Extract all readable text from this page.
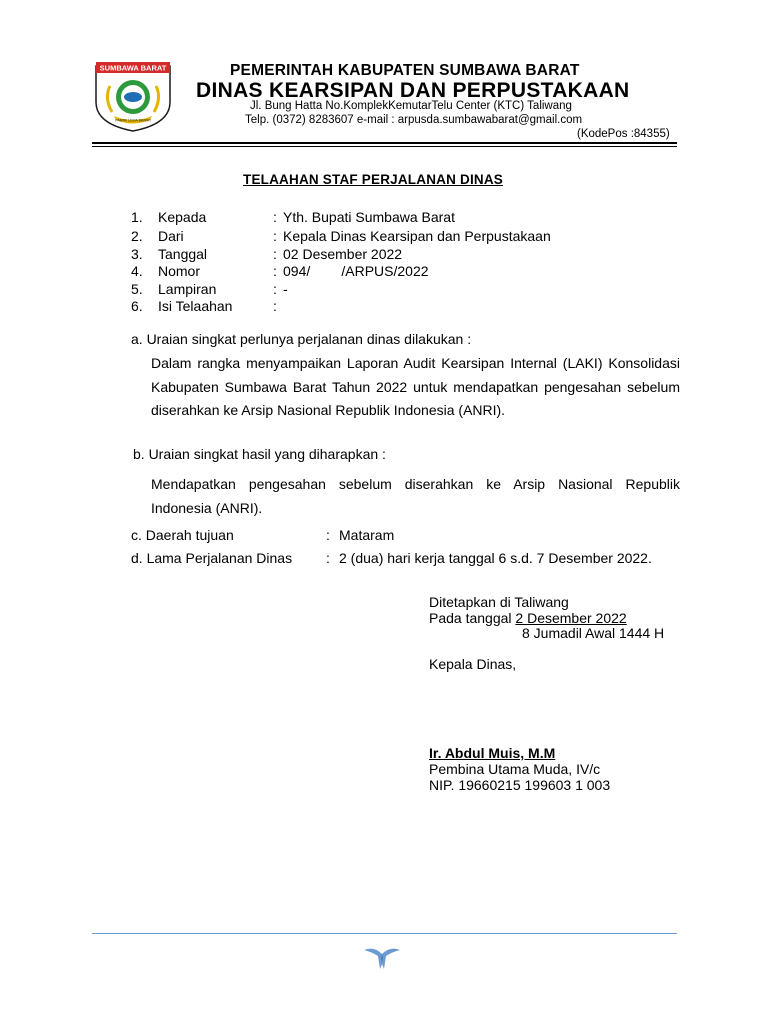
SUMBAWA BARAT
PARIRI LEMA BARIRI
PEMERINTAH KABUPATEN SUMBAWA BARAT
DINAS KEARSIPAN DAN PERPUSTAKAAN
Jl. Bung Hatta No.KomplekKemutarTelu Center (KTC) Taliwang
Telp. (0372) 8283607 e-mail : arpusda.sumbawabarat@gmail.com
(KodePos :84355)
TELAAHAN STAF PERJALANAN DINAS
1. Kepada	: Yth. Bupati Sumbawa Barat
2. Dari	: Kepala Dinas Kearsipan dan Perpustakaan
3. Tanggal	: 02 Desember 2022
4. Nomor	: 094/        /ARPUS/2022
5. Lampiran	: -
6. Isi Telaahan	:
a. Uraian singkat perlunya perjalanan dinas dilakukan :
Dalam rangka menyampaikan Laporan Audit Kearsipan Internal (LAKI) Konsolidasi Kabupaten Sumbawa Barat Tahun 2022 untuk mendapatkan pengesahan sebelum diserahkan ke Arsip Nasional Republik Indonesia (ANRI).
b. Uraian singkat hasil yang diharapkan :
Mendapatkan pengesahan sebelum diserahkan ke Arsip Nasional Republik Indonesia (ANRI).
c. Daerah tujuan	: Mataram
d. Lama Perjalanan Dinas : 2 (dua) hari kerja tanggal 6 s.d. 7 Desember 2022.
Ditetapkan di Taliwang
Pada tanggal 2 Desember 2022
8 Jumadil Awal 1444 H
Kepala Dinas,
Ir. Abdul Muis, M.M
Pembina Utama Muda, IV/c
NIP. 19660215 199603 1 003
